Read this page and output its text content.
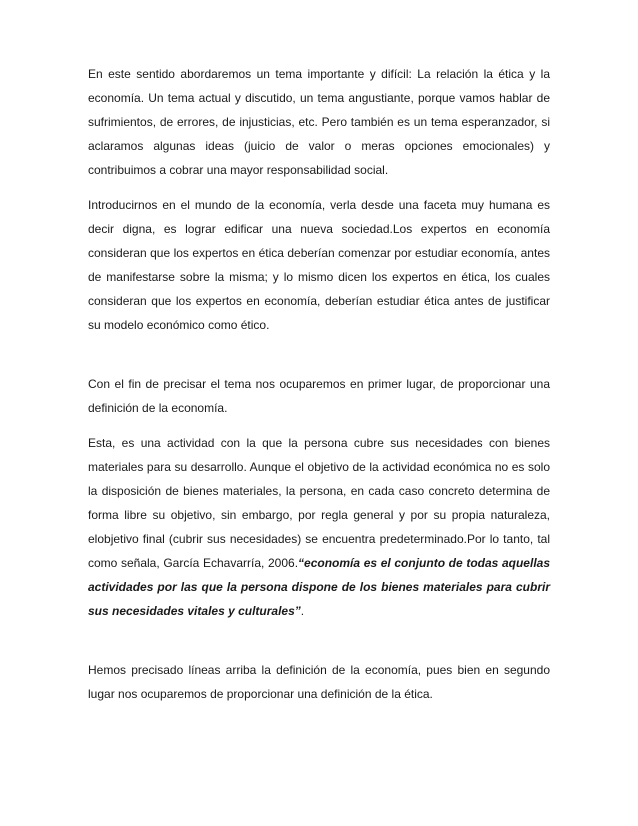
En este sentido abordaremos un tema importante y difícil: La relación la ética y la economía. Un tema actual y discutido, un tema angustiante, porque vamos hablar de sufrimientos, de errores, de injusticias, etc. Pero también es un tema esperanzador, si aclaramos algunas ideas (juicio de valor o meras opciones emocionales) y contribuimos a cobrar una mayor responsabilidad social.

Introducirnos en el mundo de la economía, verla desde una faceta muy humana es decir digna, es lograr edificar una nueva sociedad.Los expertos en economía consideran que los expertos en ética deberían comenzar por estudiar economía, antes de manifestarse sobre la misma; y lo mismo dicen los expertos en ética, los cuales consideran que los expertos en economía, deberían estudiar ética antes de justificar su modelo económico como ético.

Con el fin de precisar el tema nos ocuparemos en primer lugar, de proporcionar una definición de la economía.

Esta, es una actividad con la que la persona cubre sus necesidades con bienes materiales para su desarrollo. Aunque el objetivo de la actividad económica no es solo la disposición de bienes materiales, la persona, en cada caso concreto determina de forma libre su objetivo, sin embargo, por regla general y por su propia naturaleza, elobjetivo final (cubrir sus necesidades) se encuentra predeterminado.Por lo tanto, tal como señala, García Echavarría, 2006.“economía es el conjunto de todas aquellas actividades por las que la persona dispone de los bienes materiales para cubrir sus necesidades vitales y culturales”.

Hemos precisado líneas arriba la definición de la economía, pues bien en segundo lugar nos ocuparemos de proporcionar una definición de la ética.
